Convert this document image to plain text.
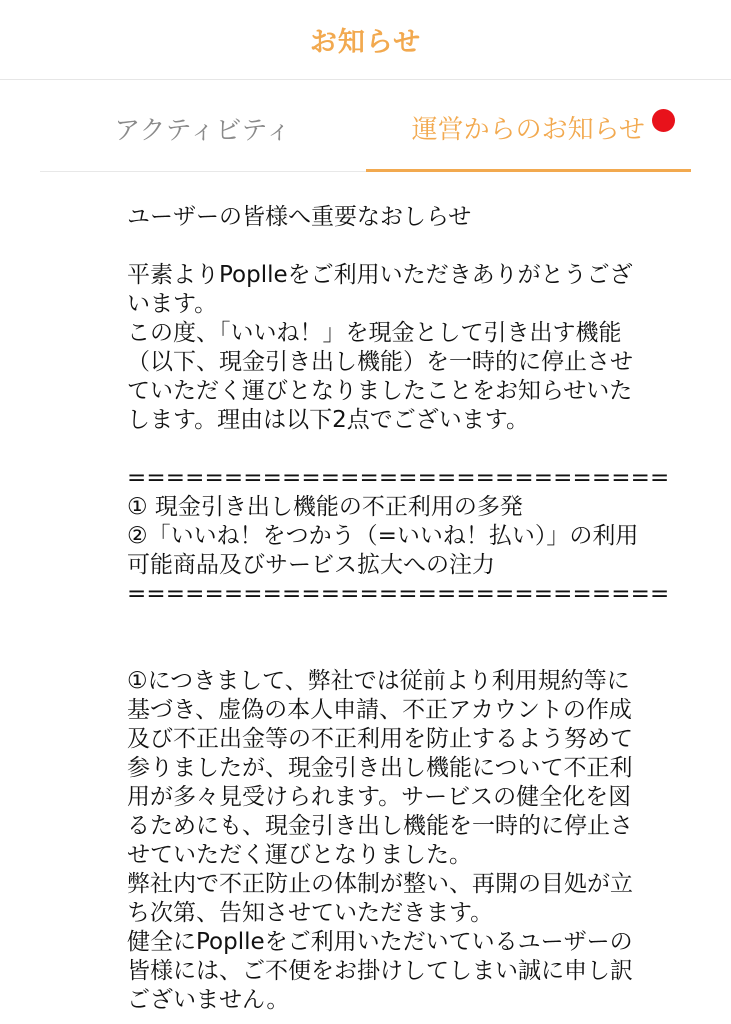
お知らせ
アクティビティ	運営からのお知らせ

ユーザーの皆様へ重要なおしらせ

平素よりPoplleをご利用いただきありがとうございます。
この度、「いいね！」を現金として引き出す機能（以下、現金引き出し機能）を一時的に停止させていただく運びとなりましたことをお知らせいたします。理由は以下2点でございます。

============================

① 現金引き出し機能の不正利用の多発

②「いいね！をつかう（=いいね！払い）」の利用可能商品及びサービス拡大への注力

============================

①につきまして、弊社では従前より利用規約等に基づき、虚偽の本人申請、不正アカウントの作成及び不正出金等の不正利用を防止するよう努めて参りましたが、現金引き出し機能について不正利用が多々見受けられます。サービスの健全化を図るためにも、現金引き出し機能を一時的に停止させていただく運びとなりました。
弊社内で不正防止の体制が整い、再開の目処が立ち次第、告知させていただきます。
健全にPoplleをご利用いただいているユーザーの皆様には、ご不便をお掛けしてしまい誠に申し訳ございません。
